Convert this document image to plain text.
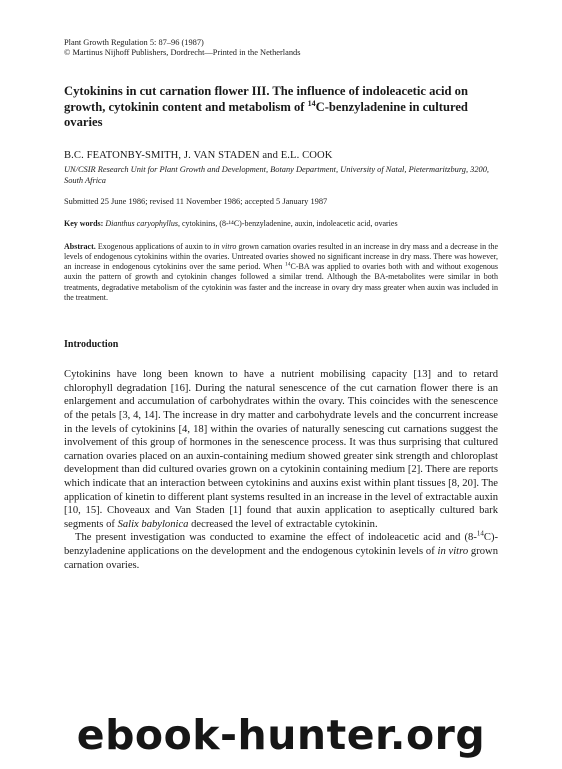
Plant Growth Regulation 5: 87–96 (1987)
© Martinus Nijhoff Publishers, Dordrecht—Printed in the Netherlands

Cytokinins in cut carnation flower III. The influence of indoleacetic acid on growth, cytokinin content and metabolism of $^{14}$C-benzyladenine in cultured ovaries

B.C. FEATONBY-SMITH, J. VAN STADEN and E.L. COOK

UN/CSIR Research Unit for Plant Growth and Development, Botany Department, University of Natal, Pietermaritzburg, 3200, South Africa

Submitted 25 June 1986; revised 11 November 1986; accepted 5 January 1987

Key words: Dianthus caryophyllus, cytokinins, (8-¹⁴C)-benzyladenine, auxin, indoleacetic acid, ovaries

Abstract. Exogenous applications of auxin to in vitro grown carnation ovaries resulted in an increase in dry mass and a decrease in the levels of endogenous cytokinins within the ovaries. Untreated ovaries showed no significant increase in dry mass. There was however, an increase in endogenous cytokinins over the same period. When $^{14}$C-BA was applied to ovaries both with and without exogenous auxin the pattern of growth and cytokinin changes followed a similar trend. Although the BA-metabolites were similar in both treatments, degradative metabolism of the cytokinin was faster and the increase in ovary dry mass greater when auxin was included in the treatment.

Introduction

Cytokinins have long been known to have a nutrient mobilising capacity [13] and to retard chlorophyll degradation [16]. During the natural senescence of the cut carnation flower there is an enlargement and accumulation of carbohydrates within the ovary. This coincides with the senescence of the petals [3, 4, 14]. The increase in dry matter and carbohydrate levels and the concurrent increase in the levels of cytokinins [4, 18] within the ovaries of naturally senescing cut carnations suggest the involvement of this group of hormones in the senescence process. It was thus surprising that cultured carnation ovaries placed on an auxin-containing medium showed greater sink strength and chloroplast development than did cultured ovaries grown on a cytokinin containing medium [2]. There are reports which indicate that an interaction between cytokinins and auxins exist within plant tissues [8, 20]. The application of kinetin to different plant systems resulted in an increase in the level of extractable auxin [10, 15]. Choveaux and Van Staden [1] found that auxin application to aseptically cultured bark segments of Salix babylonica decreased the level of extractable cytokinin.

The present investigation was conducted to examine the effect of indoleacetic acid and (8-$^{14}$C)-benzyladenine applications on the development and the endogenous cytokinin levels of in vitro grown carnation ovaries.

ebook-hunter.org
